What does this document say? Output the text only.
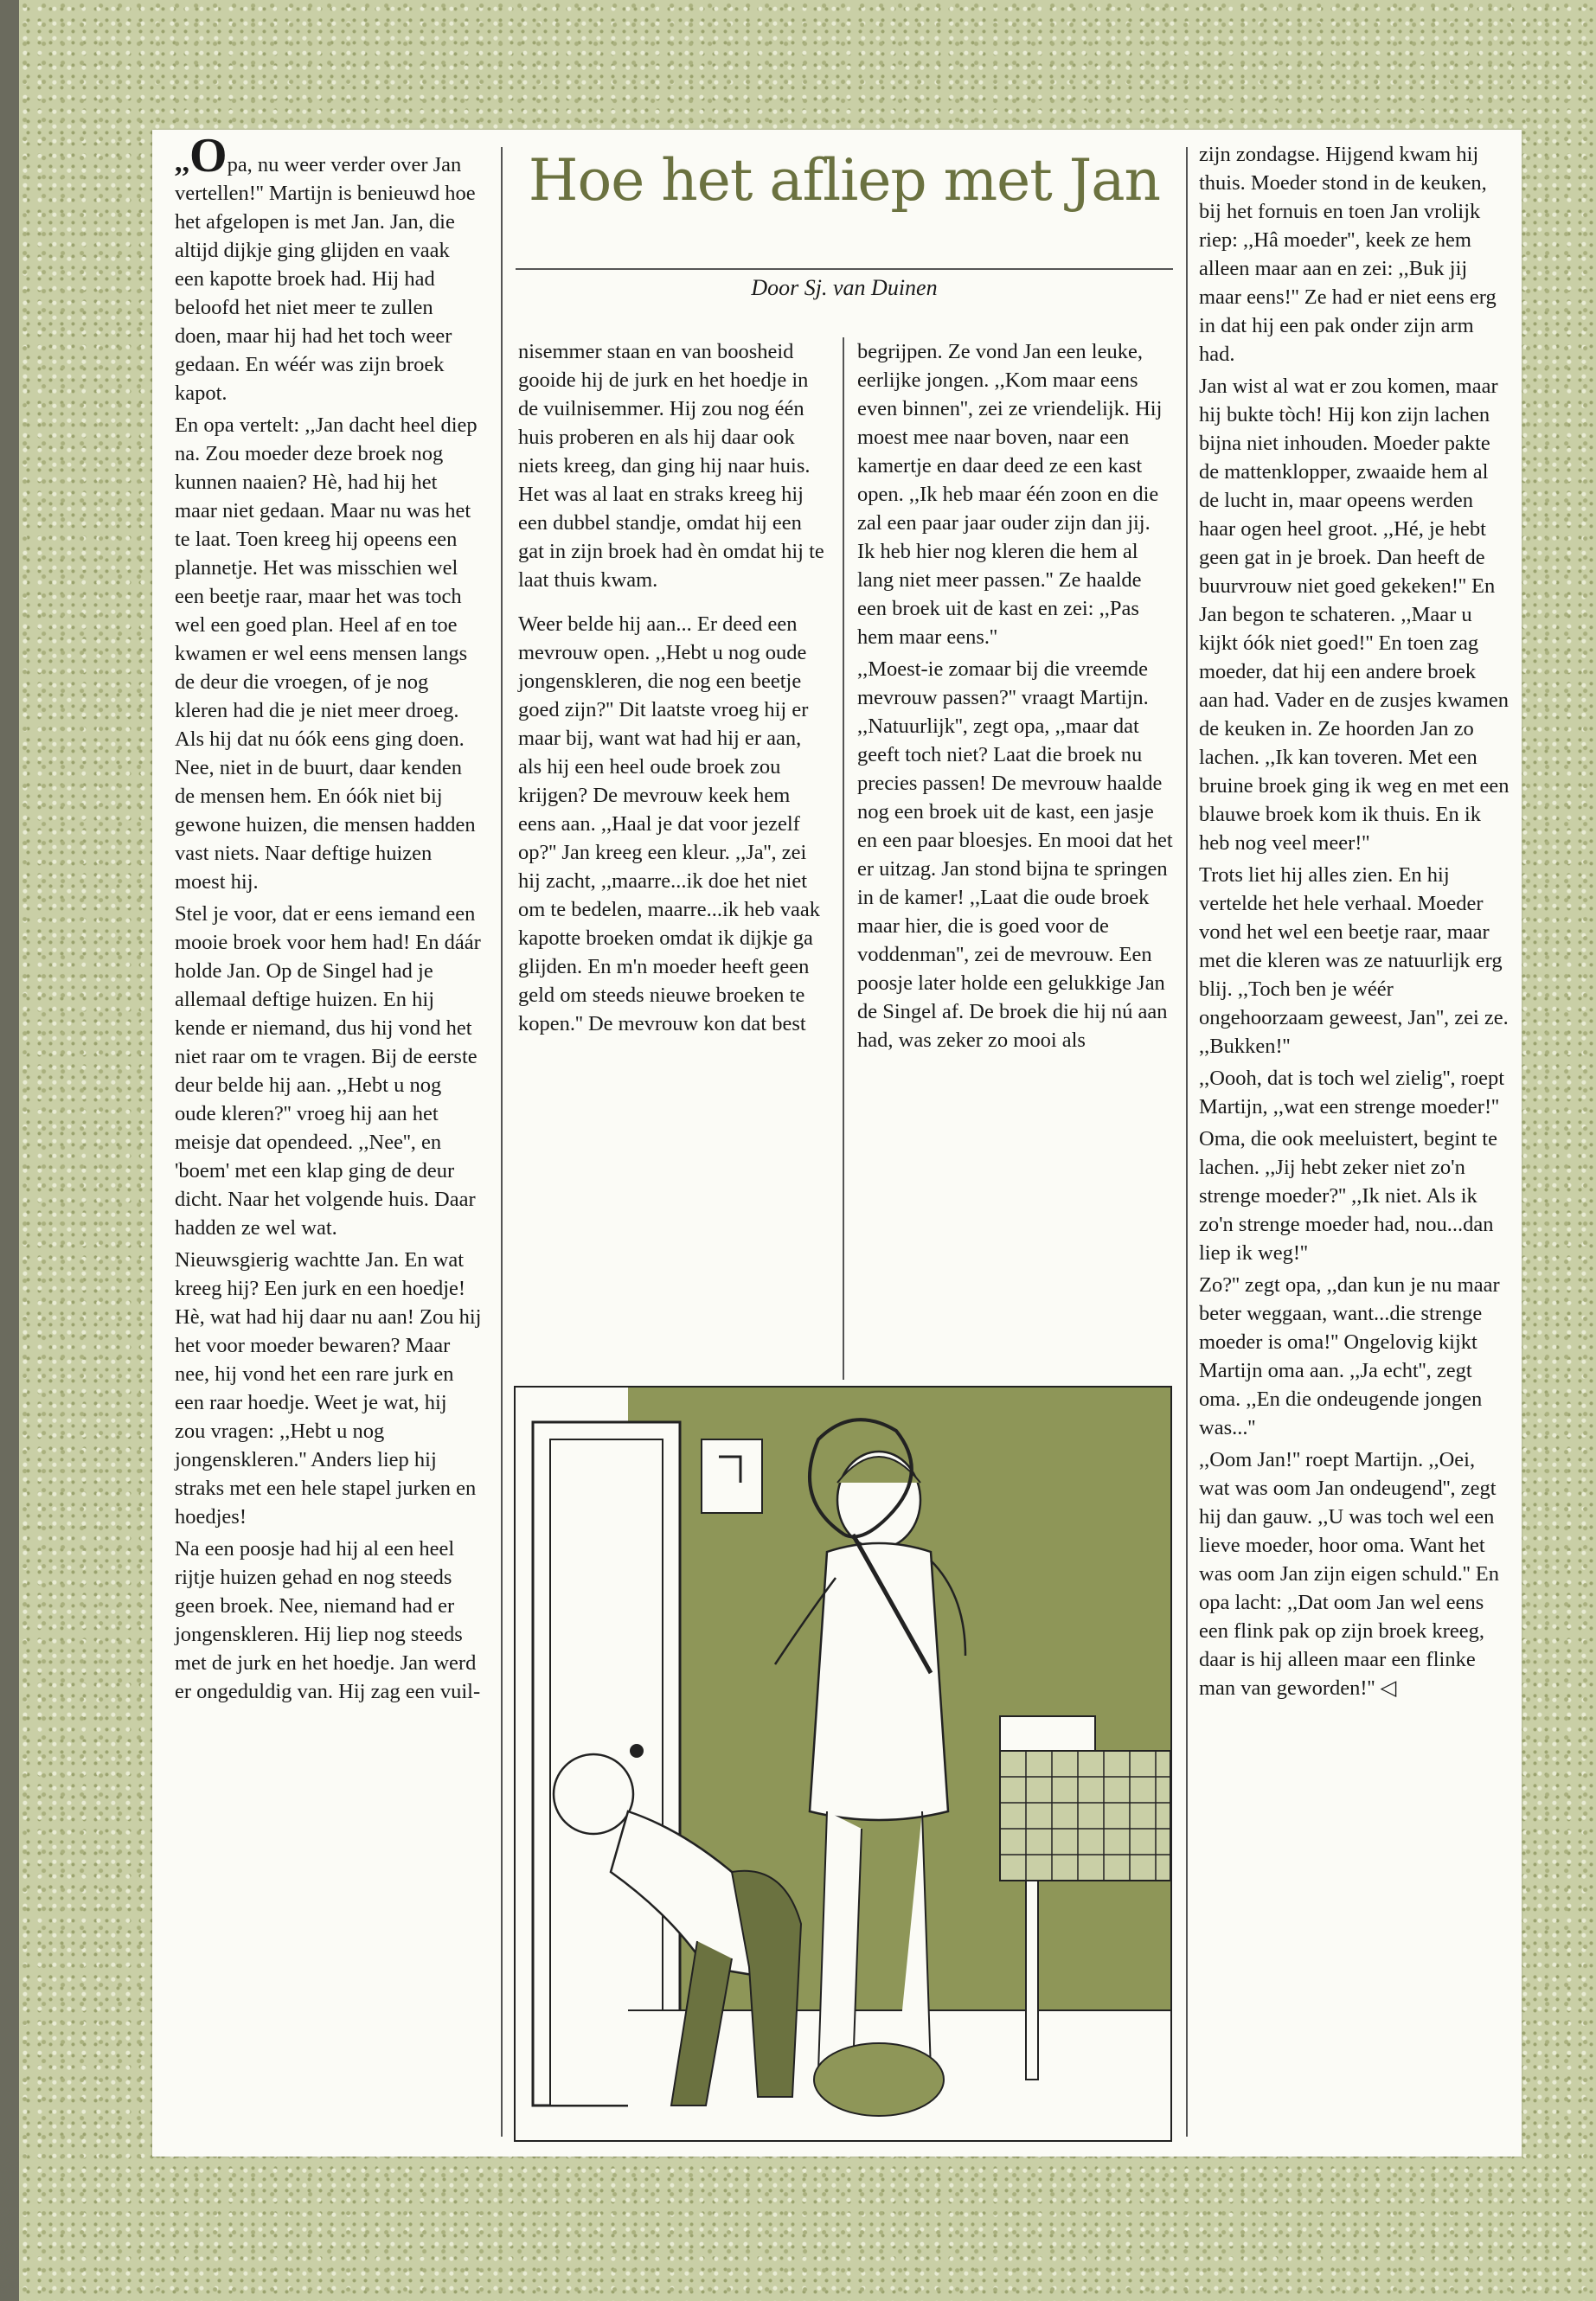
,,Opa, nu weer verder over Jan vertellen!'' Martijn is benieuwd hoe het afgelopen is met Jan. Jan, die altijd dijkje ging glijden en vaak een kapotte broek had. Hij had beloofd het niet meer te zullen doen, maar hij had het toch weer gedaan. En wéér was zijn broek kapot.

En opa vertelt: ,,Jan dacht heel diep na. Zou moeder deze broek nog kunnen naaien? Hè, had hij het maar niet gedaan. Maar nu was het te laat. Toen kreeg hij opeens een plannetje. Het was misschien wel een beetje raar, maar het was toch wel een goed plan. Heel af en toe kwamen er wel eens mensen langs de deur die vroegen, of je nog kleren had die je niet meer droeg. Als hij dat nu óók eens ging doen. Nee, niet in de buurt, daar kenden de mensen hem. En óók niet bij gewone huizen, die mensen hadden vast niets. Naar deftige huizen moest hij.

Stel je voor, dat er eens iemand een mooie broek voor hem had! En dáár holde Jan. Op de Singel had je allemaal deftige huizen. En hij kende er niemand, dus hij vond het niet raar om te vragen. Bij de eerste deur belde hij aan. ,,Hebt u nog oude kleren?'' vroeg hij aan het meisje dat opendeed. ,,Nee'', en 'boem' met een klap ging de deur dicht. Naar het volgende huis. Daar hadden ze wel wat.

Nieuwsgierig wachtte Jan. En wat kreeg hij? Een jurk en een hoedje! Hè, wat had hij daar nu aan! Zou hij het voor moeder bewaren? Maar nee, hij vond het een rare jurk en een raar hoedje. Weet je wat, hij zou vragen: ,,Hebt u nog jongenskleren.'' Anders liep hij straks met een hele stapel jurken en hoedjes!

Na een poosje had hij al een heel rijtje huizen gehad en nog steeds geen broek. Nee, niemand had er jongenskleren. Hij liep nog steeds met de jurk en het hoedje. Jan werd er ongeduldig van. Hij zag een vuil-

Hoe het afliep met Jan
Door Sj. van Duinen

nisemmer staan en van boosheid gooide hij de jurk en het hoedje in de vuilnisemmer. Hij zou nog één huis proberen en als hij daar ook niets kreeg, dan ging hij naar huis. Het was al laat en straks kreeg hij een dubbel standje, omdat hij een gat in zijn broek had èn omdat hij te laat thuis kwam.

Weer belde hij aan... Er deed een mevrouw open. ,,Hebt u nog oude jongenskleren, die nog een beetje goed zijn?'' Dit laatste vroeg hij er maar bij, want wat had hij er aan, als hij een heel oude broek zou krijgen? De mevrouw keek hem eens aan. ,,Haal je dat voor jezelf op?'' Jan kreeg een kleur. ,,Ja'', zei hij zacht, ,,maarre...ik doe het niet om te bedelen, maarre...ik heb vaak kapotte broeken omdat ik dijkje ga glijden. En m'n moeder heeft geen geld om steeds nieuwe broeken te kopen.'' De mevrouw kon dat best

begrijpen. Ze vond Jan een leuke, eerlijke jongen. ,,Kom maar eens even binnen'', zei ze vriendelijk. Hij moest mee naar boven, naar een kamertje en daar deed ze een kast open. ,,Ik heb maar één zoon en die zal een paar jaar ouder zijn dan jij. Ik heb hier nog kleren die hem al lang niet meer passen.'' Ze haalde een broek uit de kast en zei: ,,Pas hem maar eens.''

,,Moest-ie zomaar bij die vreemde mevrouw passen?'' vraagt Martijn. ,,Natuurlijk'', zegt opa, ,,maar dat geeft toch niet? Laat die broek nu precies passen! De mevrouw haalde nog een broek uit de kast, een jasje en een paar bloesjes. En mooi dat het er uitzag. Jan stond bijna te springen in de kamer! ,,Laat die oude broek maar hier, die is goed voor de voddenman'', zei de mevrouw. Een poosje later holde een gelukkige Jan de Singel af. De broek die hij nú aan had, was zeker zo mooi als

zijn zondagse. Hijgend kwam hij thuis. Moeder stond in de keuken, bij het fornuis en toen Jan vrolijk riep: ,,Hâ moeder'', keek ze hem alleen maar aan en zei: ,,Buk jij maar eens!'' Ze had er niet eens erg in dat hij een pak onder zijn arm had.

Jan wist al wat er zou komen, maar hij bukte tòch! Hij kon zijn lachen bijna niet inhouden. Moeder pakte de mattenklopper, zwaaide hem al de lucht in, maar opeens werden haar ogen heel groot. ,,Hé, je hebt geen gat in je broek. Dan heeft de buurvrouw niet goed gekeken!'' En Jan begon te schateren. ,,Maar u kijkt óók niet goed!'' En toen zag moeder, dat hij een andere broek aan had. Vader en de zusjes kwamen de keuken in. Ze hoorden Jan zo lachen. ,,Ik kan toveren. Met een bruine broek ging ik weg en met een blauwe broek kom ik thuis. En ik heb nog veel meer!''

Trots liet hij alles zien. En hij vertelde het hele verhaal. Moeder vond het wel een beetje raar, maar met die kleren was ze natuurlijk erg blij. ,,Toch ben je wéér ongehoorzaam geweest, Jan'', zei ze. ,,Bukken!''

,,Oooh, dat is toch wel zielig'', roept Martijn, ,,wat een strenge moeder!''

Oma, die ook meeluistert, begint te lachen. ,,Jij hebt zeker niet zo'n strenge moeder?'' ,,Ik niet. Als ik zo'n strenge moeder had, nou...dan liep ik weg!''

Zo?'' zegt opa, ,,dan kun je nu maar beter weggaan, want...die strenge moeder is oma!'' Ongelovig kijkt Martijn oma aan. ,,Ja echt'', zegt oma. ,,En die ondeugende jongen was...''

,,Oom Jan!'' roept Martijn. ,,Oei, wat was oom Jan ondeugend'', zegt hij dan gauw. ,,U was toch wel een lieve moeder, hoor oma. Want het was oom Jan zijn eigen schuld.'' En opa lacht: ,,Dat oom Jan wel eens een flink pak op zijn broek kreeg, daar is hij alleen maar een flinke man van geworden!'' ◁
